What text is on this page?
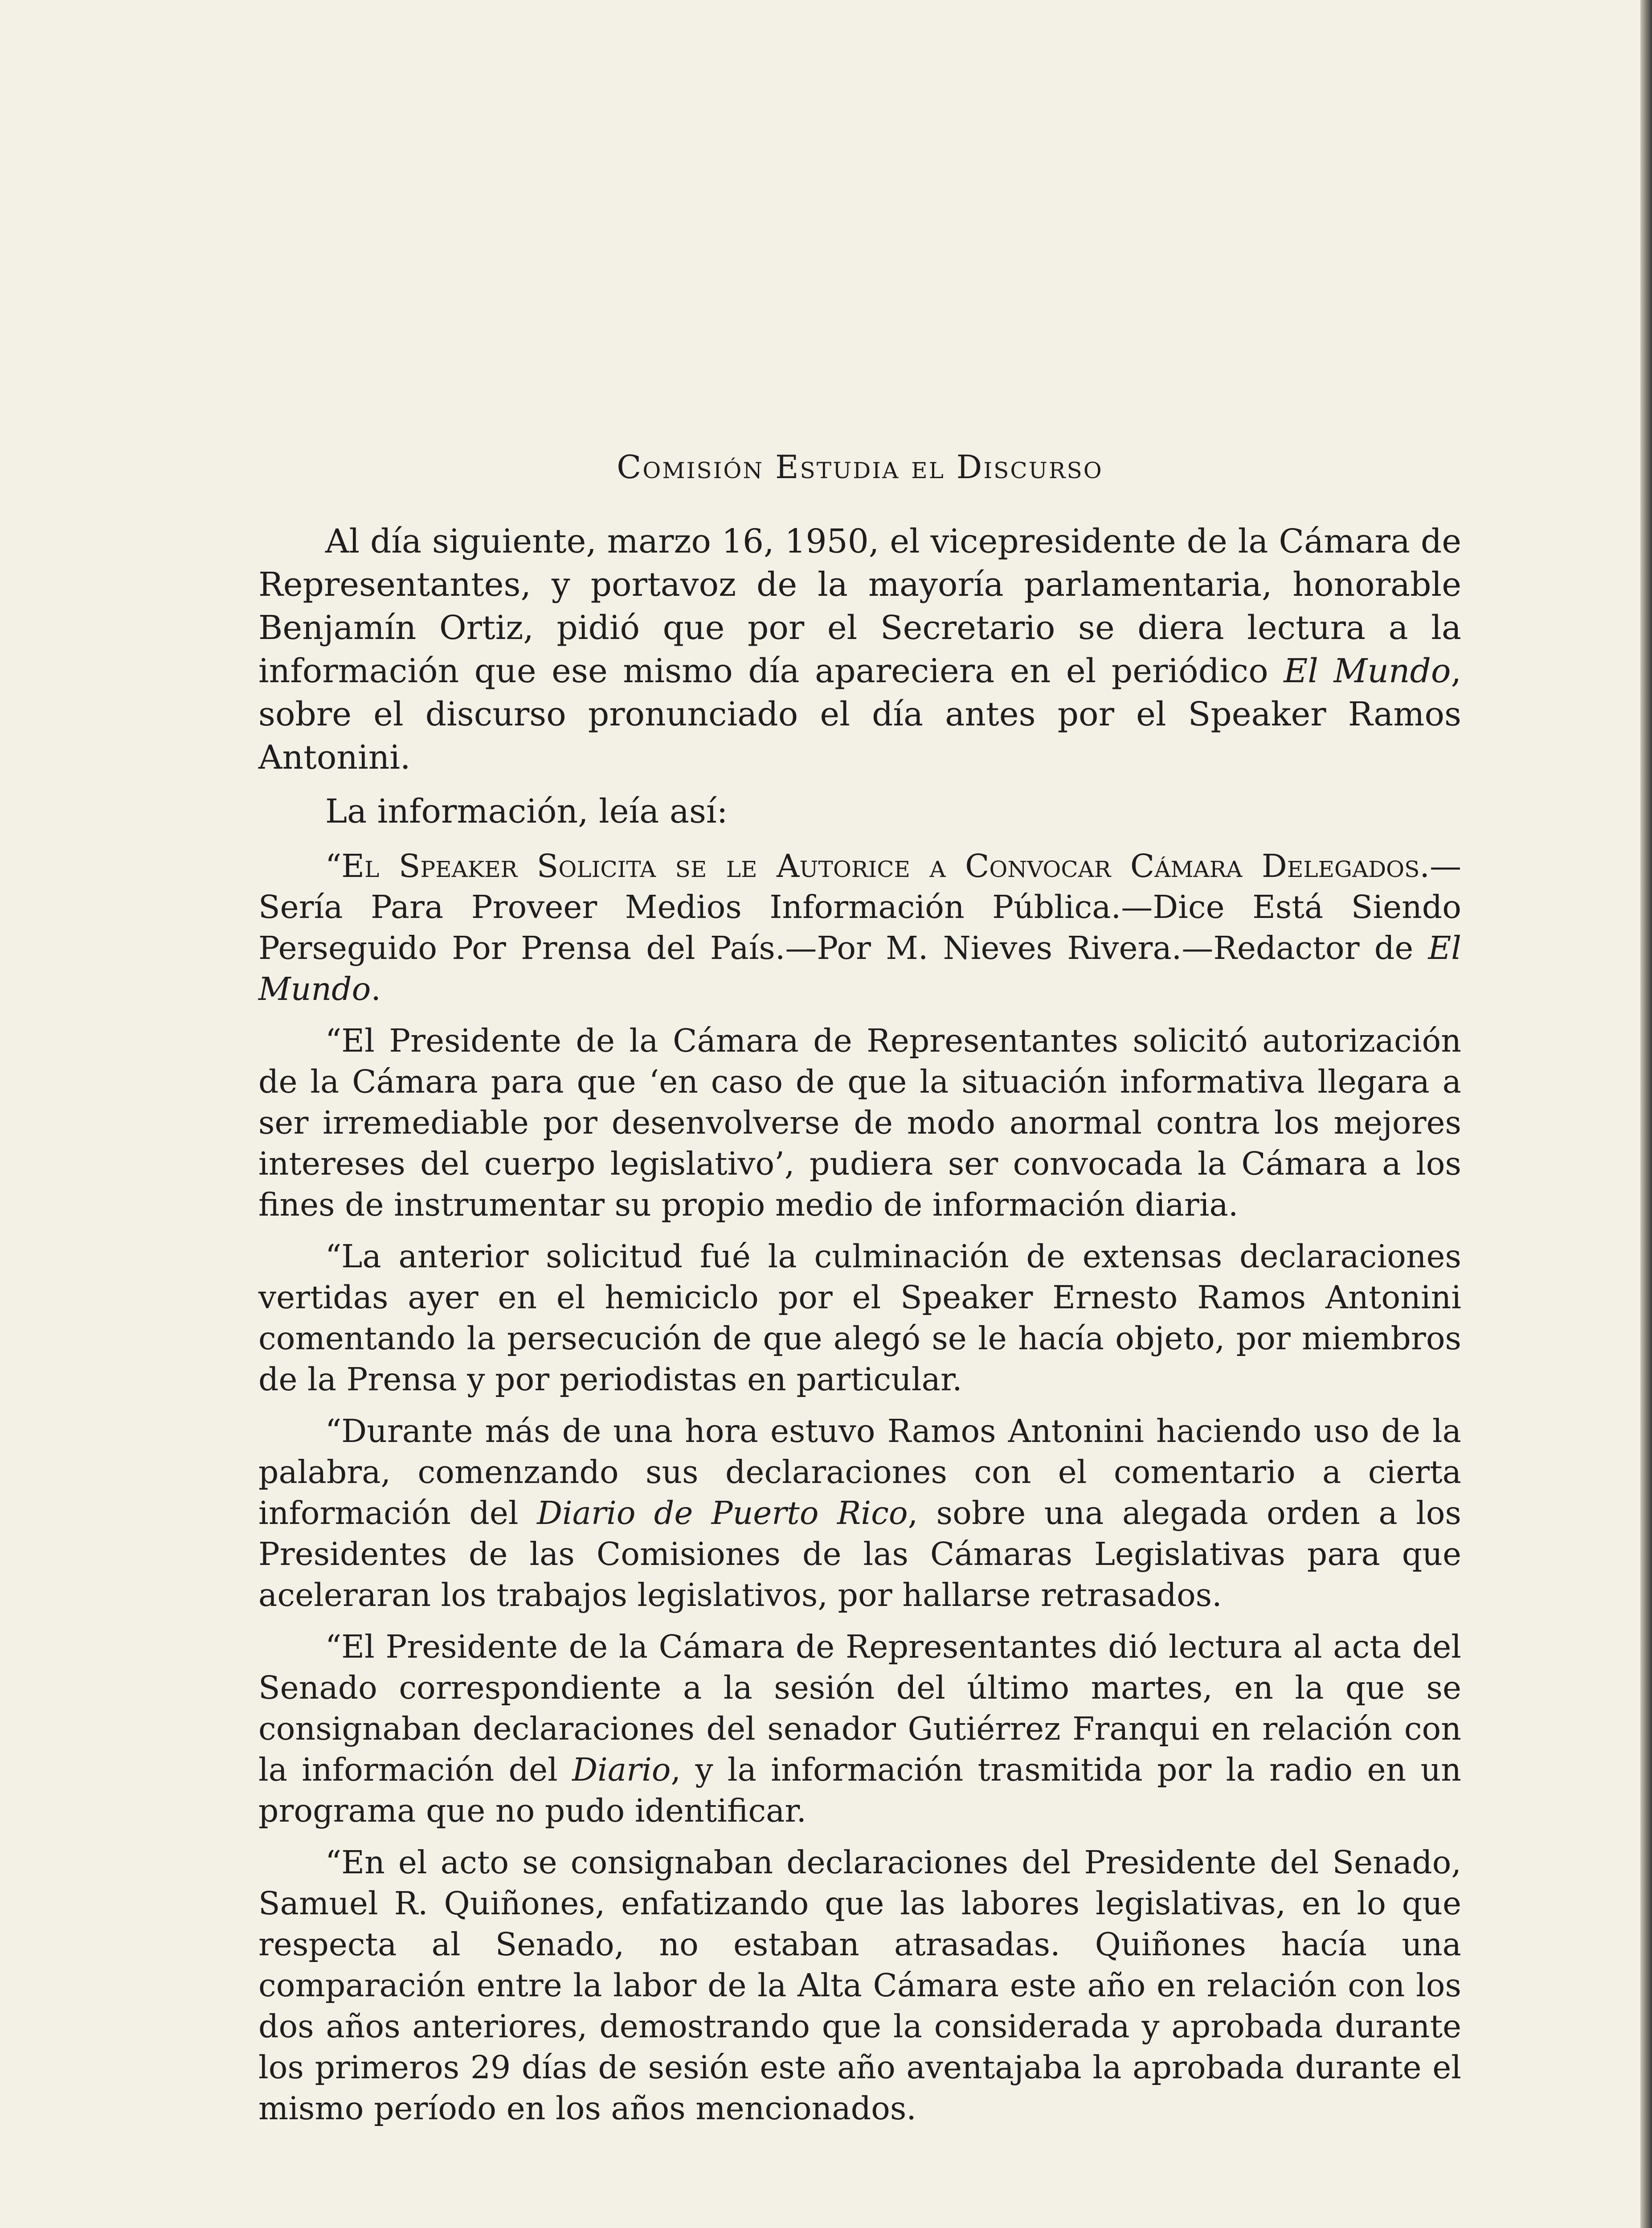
Comisión Estudia el Discurso

Al día siguiente, marzo 16, 1950, el vicepresidente de la Cámara de Representantes, y portavoz de la mayoría parlamentaria, honorable Benjamín Ortiz, pidió que por el Secretario se diera lectura a la información que ese mismo día apareciera en el periódico El Mundo, sobre el discurso pronunciado el día antes por el Speaker Ramos Antonini.

La información, leía así:

“El Speaker Solicita se le Autorice a Convocar Cámara Delegados.—Sería Para Proveer Medios Información Pública.—Dice Está Siendo Perseguido Por Prensa del País.—Por M. Nieves Rivera.—Redactor de El Mundo.

“El Presidente de la Cámara de Representantes solicitó autorización de la Cámara para que ‘en caso de que la situación informativa llegara a ser irremediable por desenvolverse de modo anormal contra los mejores intereses del cuerpo legislativo’, pudiera ser convocada la Cámara a los fines de instrumentar su propio medio de información diaria.

“La anterior solicitud fué la culminación de extensas declaraciones vertidas ayer en el hemiciclo por el Speaker Ernesto Ramos Antonini comentando la persecución de que alegó se le hacía objeto, por miembros de la Prensa y por periodistas en particular.

“Durante más de una hora estuvo Ramos Antonini haciendo uso de la palabra, comenzando sus declaraciones con el comentario a cierta información del Diario de Puerto Rico, sobre una alegada orden a los Presidentes de las Comisiones de las Cámaras Legislativas para que aceleraran los trabajos legislativos, por hallarse retrasados.

“El Presidente de la Cámara de Representantes dió lectura al acta del Senado correspondiente a la sesión del último martes, en la que se consignaban declaraciones del senador Gutiérrez Franqui en relación con la información del Diario, y la información trasmitida por la radio en un programa que no pudo identificar.

“En el acto se consignaban declaraciones del Presidente del Senado, Samuel R. Quiñones, enfatizando que las labores legislativas, en lo que respecta al Senado, no estaban atrasadas. Quiñones hacía una comparación entre la labor de la Alta Cámara este año en relación con los dos años anteriores, demostrando que la considerada y aprobada durante los primeros 29 días de sesión este año aventajaba la aprobada durante el mismo período en los años mencionados.
